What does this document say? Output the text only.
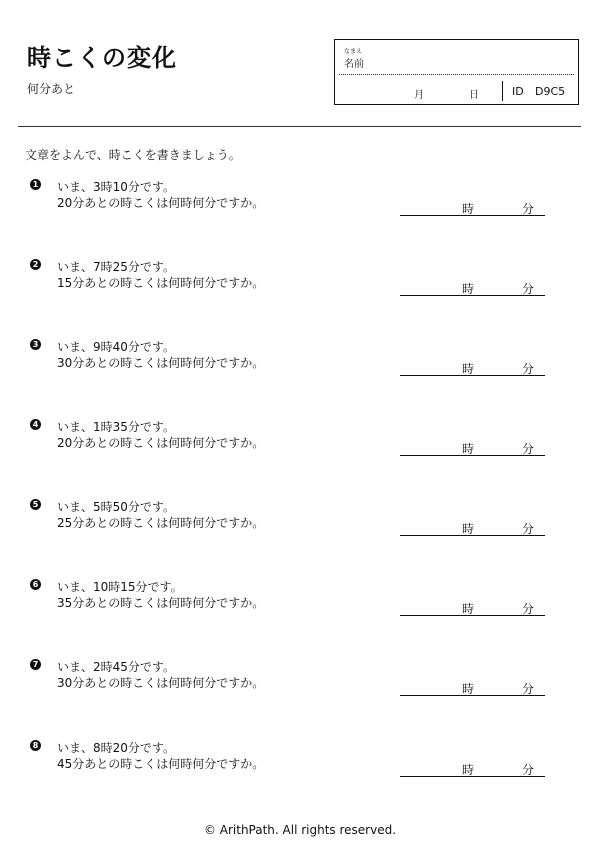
時こくの変化
何分あと
なまえ
名前
月	日	ID D9C5
文章をよんで、時こくを書きましょう。
1 いま、3時10分です。
20分あとの時こくは何時何分ですか。	時	分
2 いま、7時25分です。
15分あとの時こくは何時何分ですか。	時	分
3 いま、9時40分です。
30分あとの時こくは何時何分ですか。	時	分
4 いま、1時35分です。
20分あとの時こくは何時何分ですか。	時	分
5 いま、5時50分です。
25分あとの時こくは何時何分ですか。	時	分
6 いま、10時15分です。
35分あとの時こくは何時何分ですか。	時	分
7 いま、2時45分です。
30分あとの時こくは何時何分ですか。	時	分
8 いま、8時20分です。
45分あとの時こくは何時何分ですか。	時	分
© ArithPath. All rights reserved.
